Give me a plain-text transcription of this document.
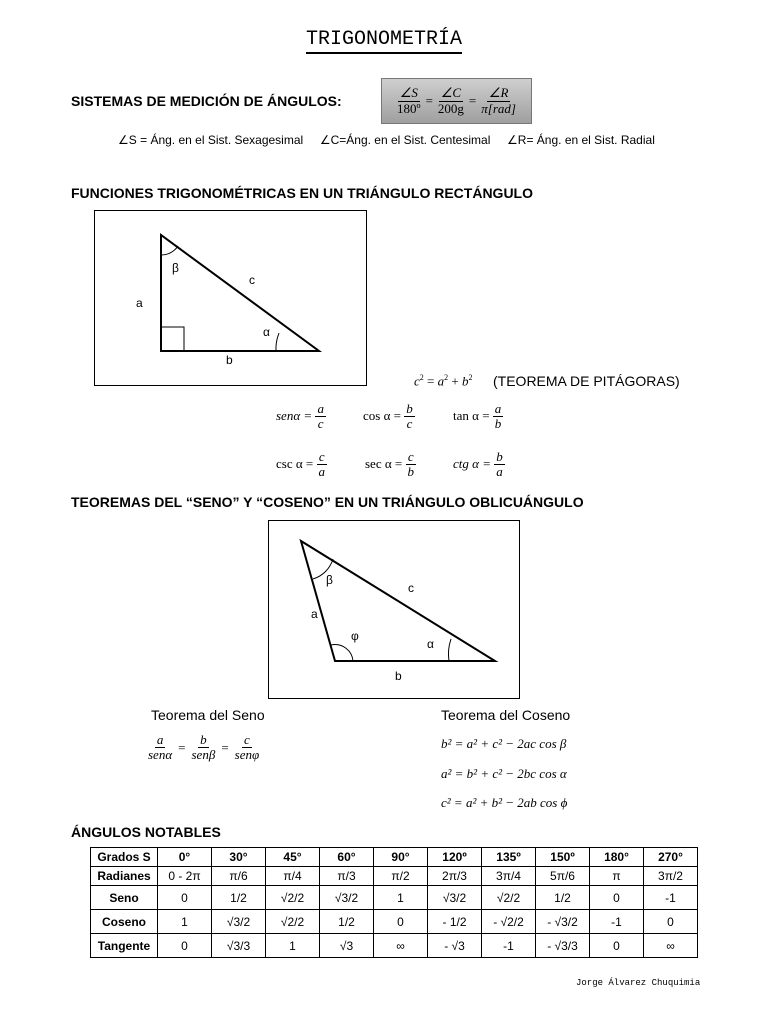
TRIGONOMETRÍA
SISTEMAS DE MEDICIÓN DE ÁNGULOS:	$\frac{\angle S}{\text{180º}} = \frac{\angle C}{200g} = \frac{\angle R}{\text{π[rad]}}$
∠S = Áng. en el Sist. Sexagesimal     ∠C=Áng. en el Sist. Centesimal     ∠R= Áng. en el Sist. Radial
FUNCIONES TRIGONOMÉTRICAS EN UN TRIÁNGULO RECTÁNGULO
β
c
a
α
b
$c^2 = a^2 + b^2$ (TEOREMA DE PITÁGORAS)
$sen\alpha = \frac{a}{c}$	$\cos \alpha = \frac{b}{c}$	$\tan \alpha = \frac{a}{b}$
$\csc \alpha = \frac{c}{a}$	$\sec \alpha = \frac{c}{b}$	ctg $\alpha = \frac{b}{a}$
TEOREMAS DEL “SENO” Y “COSENO” EN UN TRIÁNGULO OBLICUÁNGULO
β
c
a
φ
α
b
Teorema del Seno	Teorema del Coseno
$\frac{a}{\text{senα}} = \frac{b}{\text{senβ}} = \frac{c}{\text{senφ}}$	b² = a² + c² − 2ac cos β
a² = b² + c² − 2bc cos α
c² = a² + b² − 2ab cos ϕ
ÁNGULOS NOTABLES
Grados S	0°	30°	45°	60°	90°	120º	135º	150º	180°	270°
Radianes	0 - 2π	π/6	π/4	π/3	π/2	2π/3	3π/4	5π/6	π	3π/2
Seno	0	1/2	√2/2	√3/2	1	√3/2	√2/2	1/2	0	-1
Coseno	1	√3/2	√2/2	1/2	0	- 1/2	- √2/2	- √3/2	-1	0
Tangente	0	√3/3	1	√3	∞	- √3	-1	- √3/3	0	∞
Jorge Álvarez Chuquimia
